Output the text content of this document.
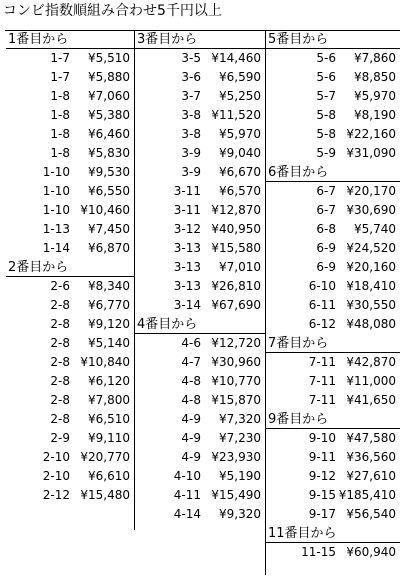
コンビ指数順組み合わせ5千円以上
1番目から
1-7 ¥5,510
1-7 ¥5,880
1-8 ¥7,060
1-8 ¥5,380
1-8 ¥6,460
1-8 ¥5,830
1-10 ¥9,530
1-10 ¥6,550
1-10 ¥10,460
1-13 ¥7,450
1-14 ¥6,870
2番目から
2-6 ¥8,340
2-8 ¥6,770
2-8 ¥9,120
2-8 ¥5,140
2-8 ¥10,840
2-8 ¥6,120
2-8 ¥7,800
2-8 ¥6,510
2-9 ¥9,110
2-10 ¥20,770
2-10 ¥6,610
2-12 ¥15,480
3番目から
3-5 ¥14,460
3-6 ¥6,590
3-7 ¥5,250
3-8 ¥11,520
3-8 ¥5,970
3-9 ¥9,040
3-9 ¥6,670
3-11 ¥6,570
3-11 ¥12,870
3-12 ¥40,950
3-13 ¥15,580
3-13 ¥7,010
3-13 ¥26,810
3-14 ¥67,690
4番目から
4-6 ¥12,720
4-7 ¥30,960
4-8 ¥10,770
4-8 ¥15,870
4-9 ¥7,320
4-9 ¥7,230
4-9 ¥23,930
4-10 ¥5,190
4-11 ¥15,490
4-14 ¥9,320
5番目から
5-6 ¥7,860
5-6 ¥8,850
5-7 ¥5,970
5-8 ¥8,190
5-8 ¥22,160
5-9 ¥31,090
6番目から
6-7 ¥20,170
6-7 ¥30,690
6-8 ¥5,740
6-9 ¥24,520
6-9 ¥20,160
6-10 ¥18,410
6-11 ¥30,550
6-12 ¥48,080
7番目から
7-11 ¥42,870
7-11 ¥11,000
7-11 ¥41,650
9番目から
9-10 ¥47,580
9-11 ¥36,560
9-12 ¥27,610
9-15 ¥185,410
9-17 ¥56,540
11番目から
11-15 ¥60,940
